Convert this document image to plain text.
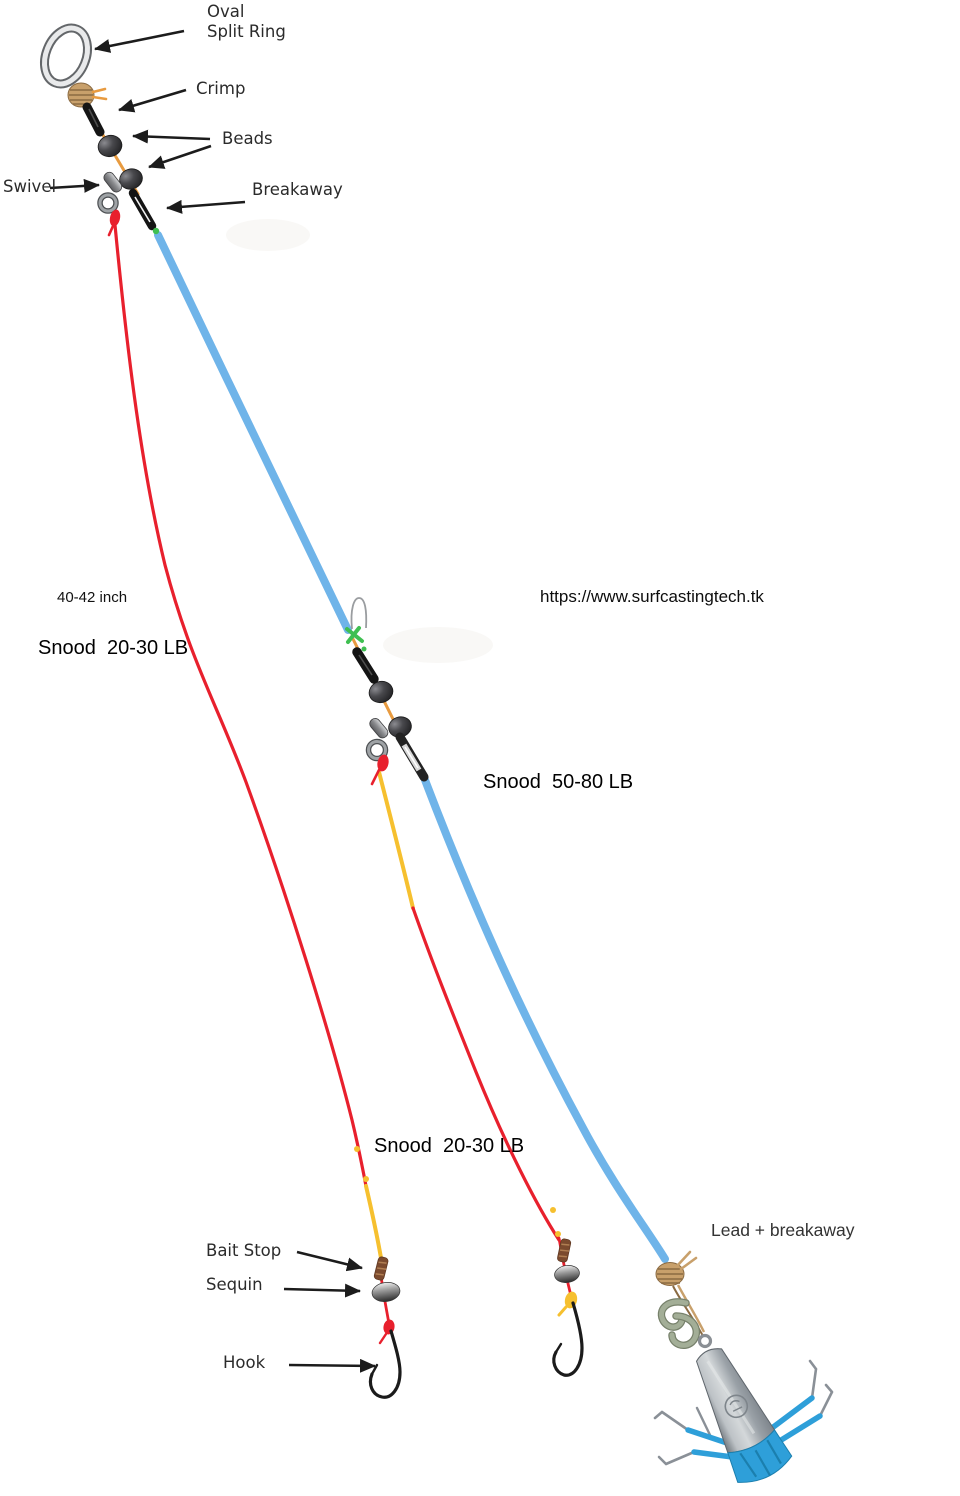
Oval
Split Ring
Crimp
Beads
Swivel	Breakaway
Bait Stop
Sequin
Hook
Lead + breakaway
40-42 inch
Snood  20-30 LB
Snood  50-80 LB
Snood  20-30 LB
https://www.surfcastingtech.tk
